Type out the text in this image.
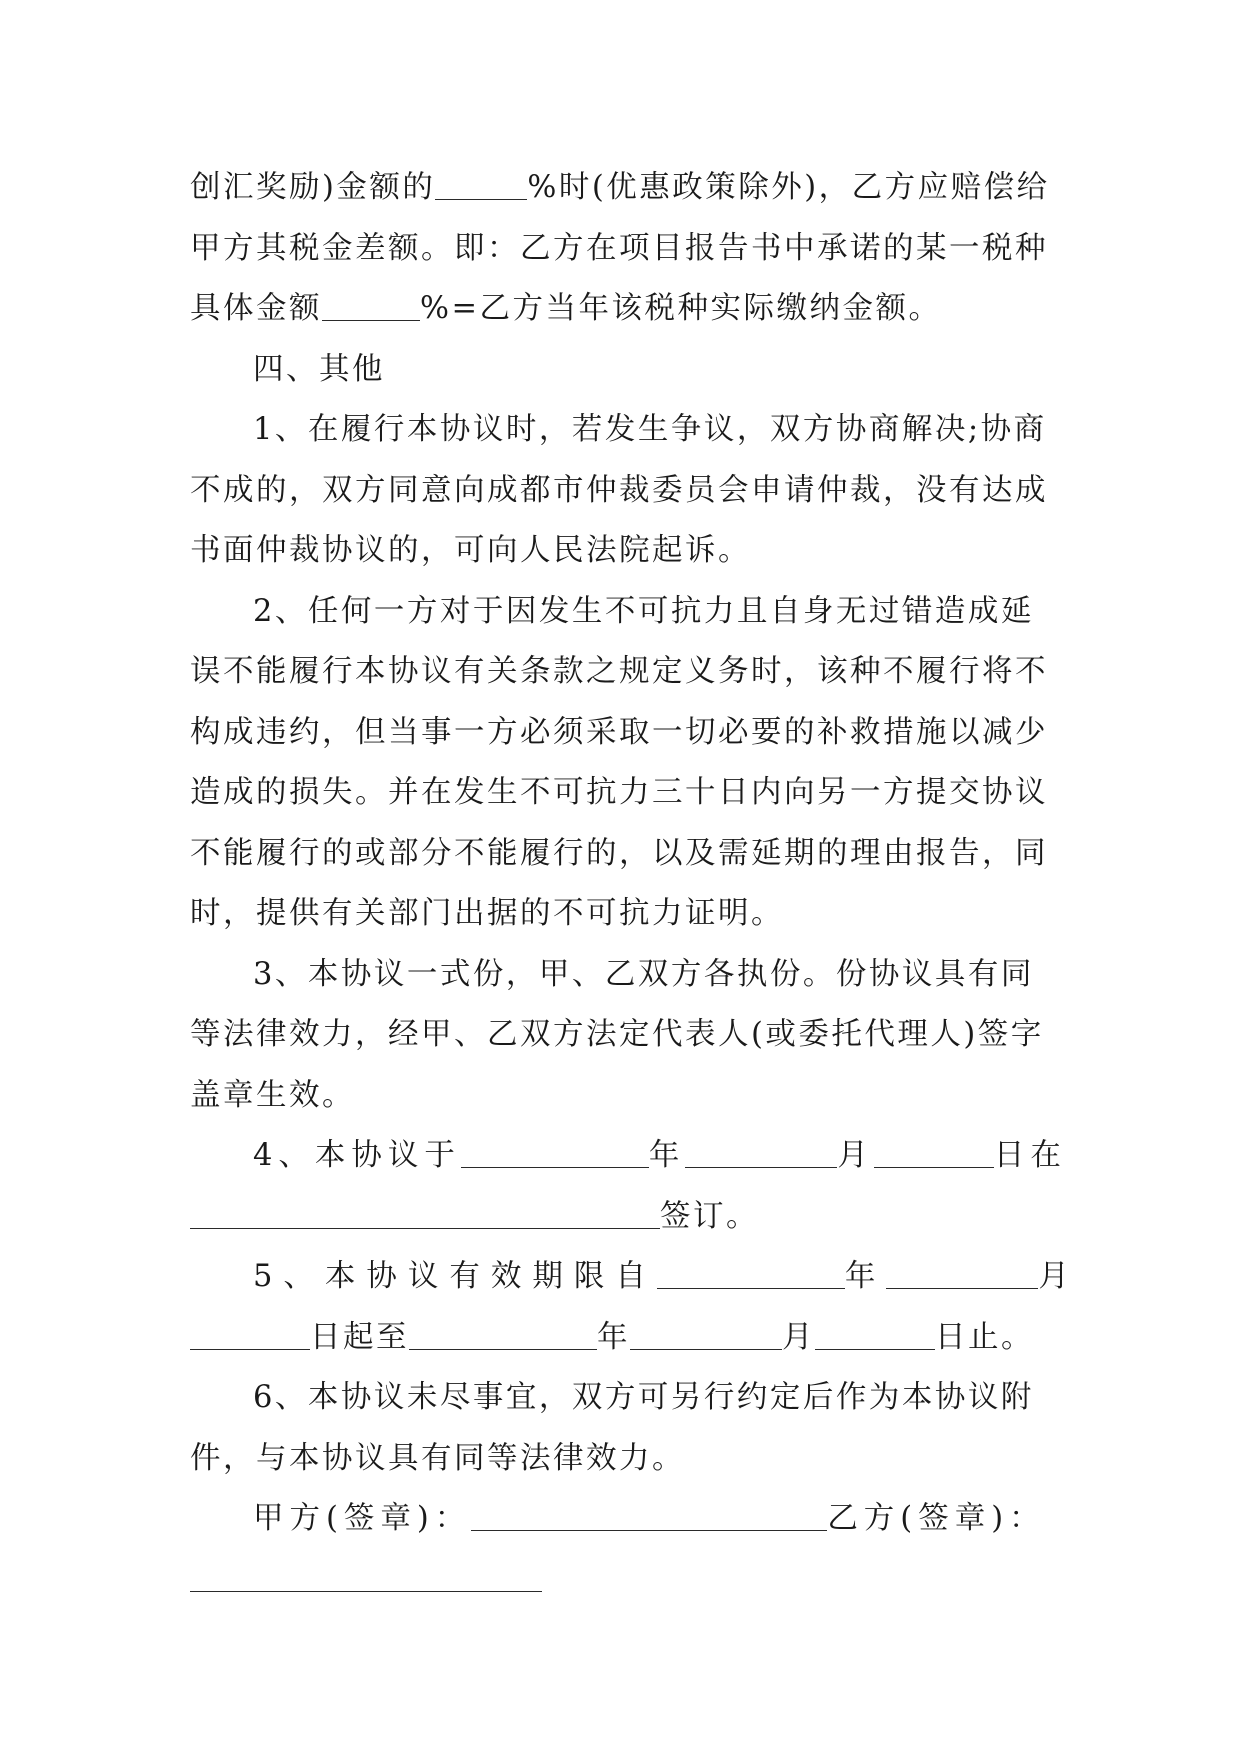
创汇奖励)金额的	%时(优惠政策除外)，乙方应赔偿给
甲方其税金差额。即：乙方在项目报告书中承诺的某一税种
具体金额	%=乙方当年该税种实际缴纳金额。
四、其他
1、在履行本协议时，若发生争议，双方协商解决;协商
不成的，双方同意向成都市仲裁委员会申请仲裁，没有达成
书面仲裁协议的，可向人民法院起诉。
2、任何一方对于因发生不可抗力且自身无过错造成延
误不能履行本协议有关条款之规定义务时，该种不履行将不
构成违约，但当事一方必须采取一切必要的补救措施以减少
造成的损失。并在发生不可抗力三十日内向另一方提交协议
不能履行的或部分不能履行的，以及需延期的理由报告，同
时，提供有关部门出据的不可抗力证明。
3、本协议一式份，甲、乙双方各执份。份协议具有同
等法律效力，经甲、乙双方法定代表人(或委托代理人)签字
盖章生效。
4、本协议于	年	月	日在
签订。
5、本协议有效期限自	年	月
日起至	年	月	日止。
6、本协议未尽事宜，双方可另行约定后作为本协议附
件，与本协议具有同等法律效力。
甲方(签章)：	乙方(签章)：
